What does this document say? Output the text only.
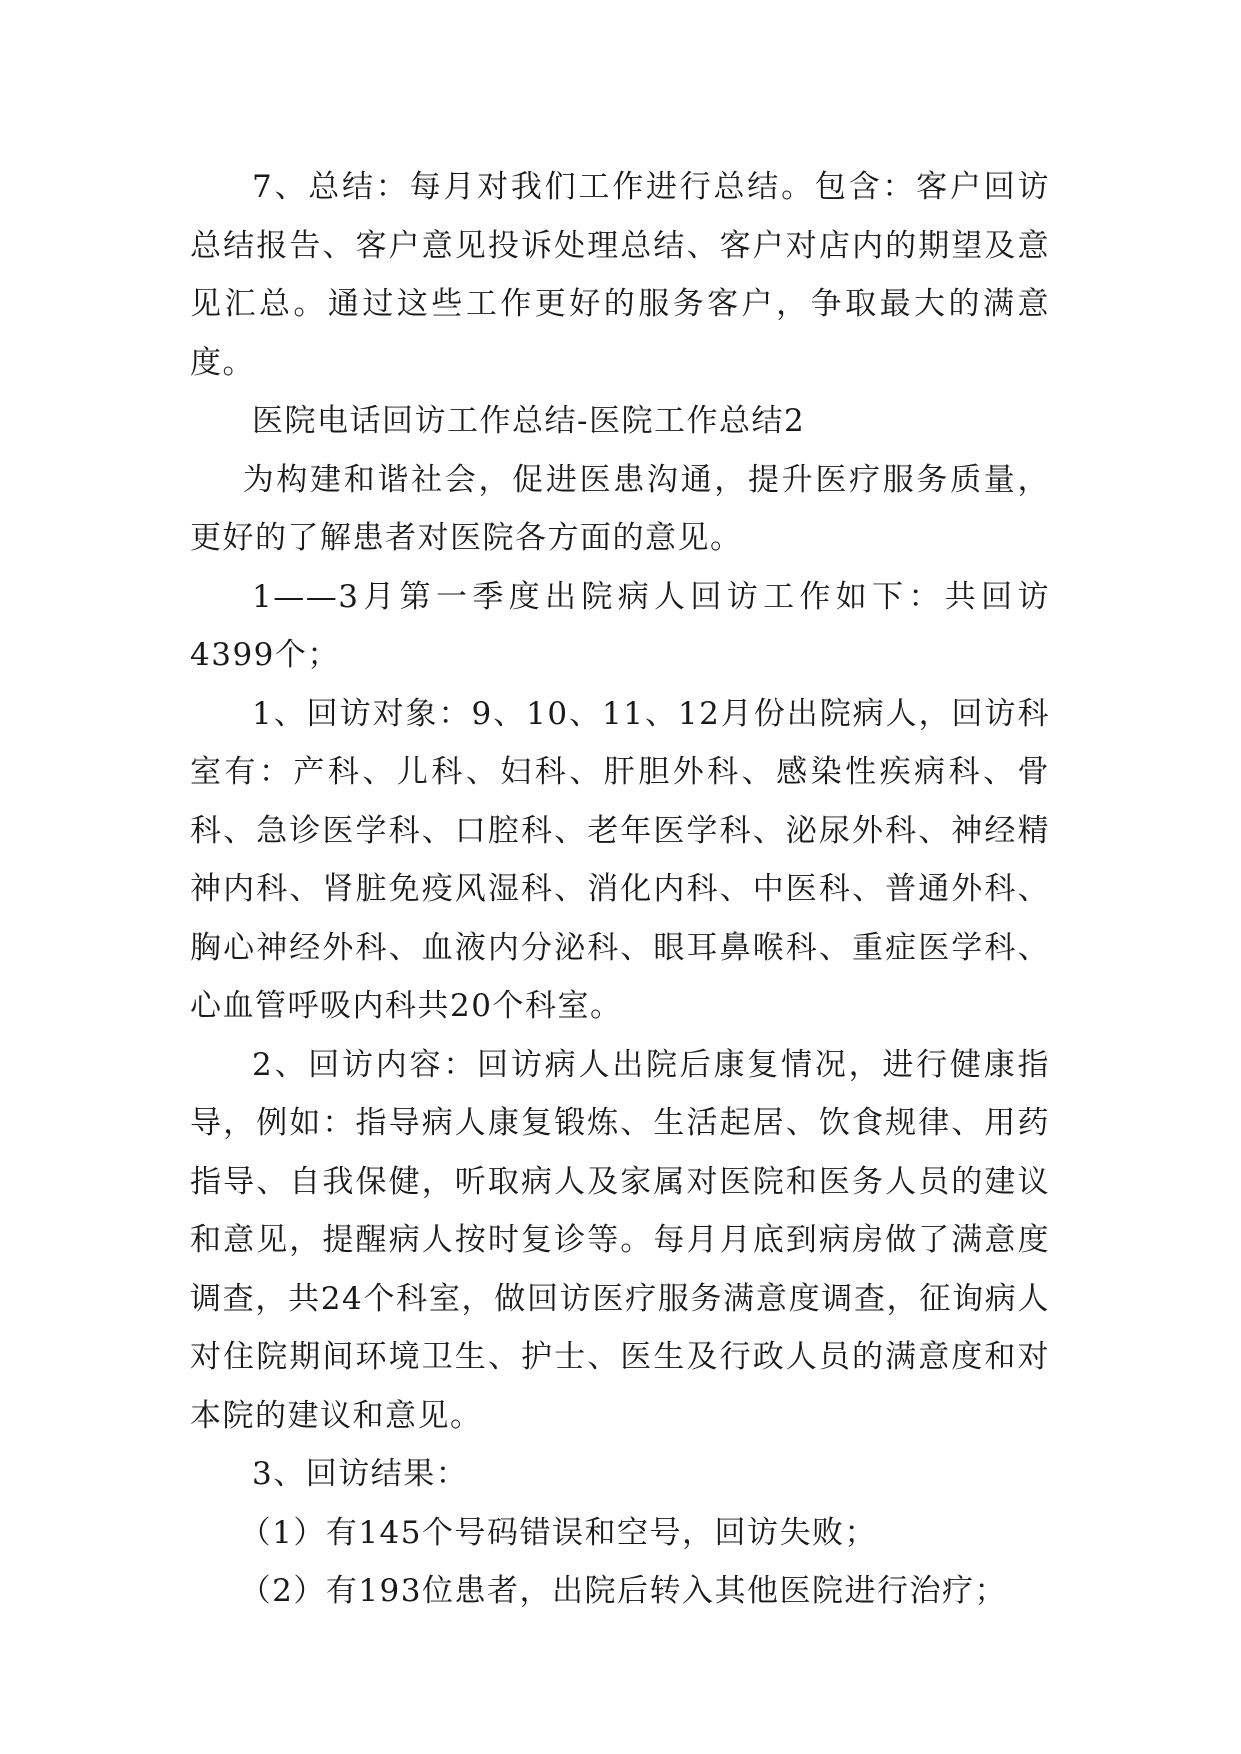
7、总结：每月对我们工作进行总结。包含：客户回访总结报告、客户意见投诉处理总结、客户对店内的期望及意见汇总。通过这些工作更好的服务客户，争取最大的满意度。

医院电话回访工作总结-医院工作总结2

为构建和谐社会，促进医患沟通，提升医疗服务质量，更好的了解患者对医院各方面的意见。

1——3月第一季度出院病人回访工作如下：共回访4399个；

1、回访对象：9、10、11、12月份出院病人，回访科室有：产科、儿科、妇科、肝胆外科、感染性疾病科、骨科、急诊医学科、口腔科、老年医学科、泌尿外科、神经精神内科、肾脏免疫风湿科、消化内科、中医科、普通外科、胸心神经外科、血液内分泌科、眼耳鼻喉科、重症医学科、心血管呼吸内科共20个科室。

2、回访内容：回访病人出院后康复情况，进行健康指导，例如：指导病人康复锻炼、生活起居、饮食规律、用药指导、自我保健，听取病人及家属对医院和医务人员的建议和意见，提醒病人按时复诊等。每月月底到病房做了满意度调查，共24个科室，做回访医疗服务满意度调查，征询病人对住院期间环境卫生、护士、医生及行政人员的满意度和对本院的建议和意见。

3、回访结果：

（1）有145个号码错误和空号，回访失败；

（2）有193位患者，出院后转入其他医院进行治疗；
